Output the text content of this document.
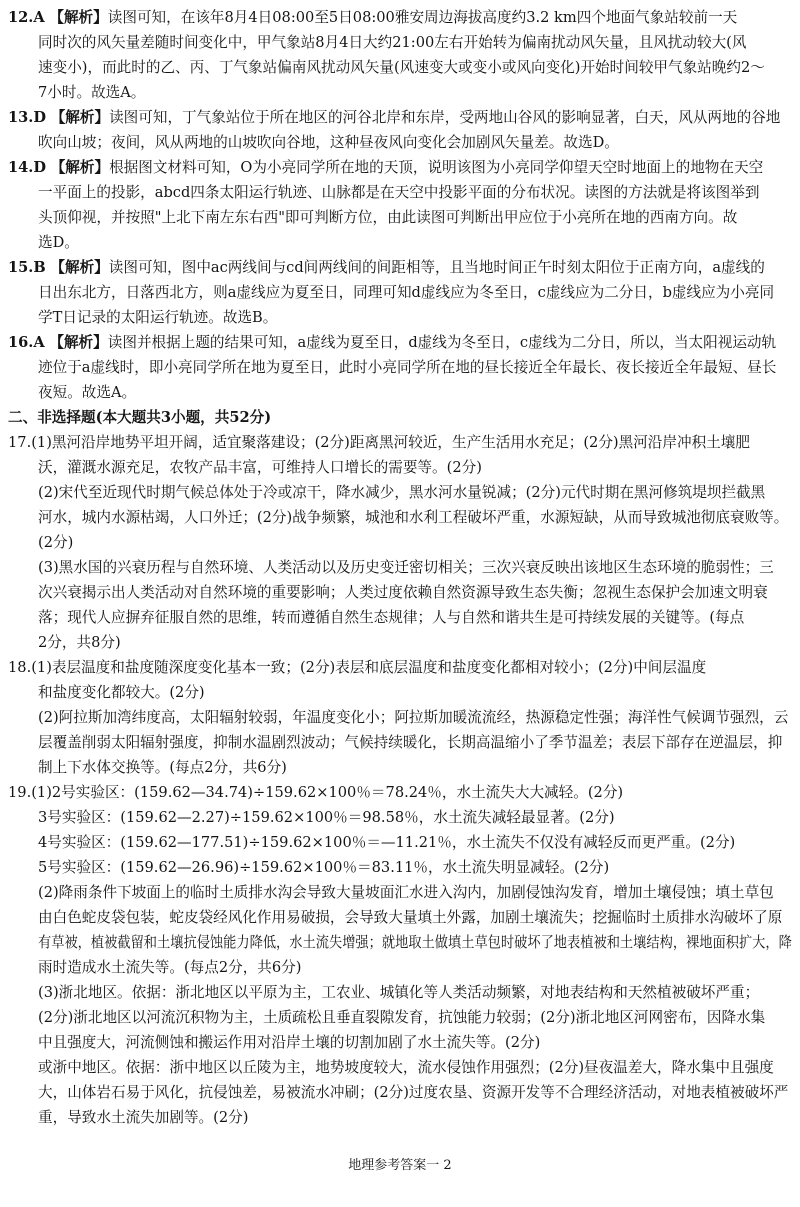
12.A 【解析】读图可知，在该年8月4日08:00至5日08:00雅安周边海拔高度约3.2 km四个地面气象站较前一天
同时次的风矢量差随时间变化中，甲气象站8月4日大约21:00左右开始转为偏南扰动风矢量，且风扰动较大(风
速变小)，而此时的乙、丙、丁气象站偏南风扰动风矢量(风速变大或变小或风向变化)开始时间较甲气象站晚约2～
7小时。故选A。
13.D 【解析】读图可知，丁气象站位于所在地区的河谷北岸和东岸，受两地山谷风的影响显著，白天，风从两地的谷地
吹向山坡；夜间，风从两地的山坡吹向谷地，这种昼夜风向变化会加剧风矢量差。故选D。
14.D 【解析】根据图文材料可知，O为小亮同学所在地的天顶，说明该图为小亮同学仰望天空时地面上的地物在天空
一平面上的投影，abcd四条太阳运行轨迹、山脉都是在天空中投影平面的分布状况。读图的方法就是将该图举到
头顶仰视，并按照"上北下南左东右西"即可判断方位，由此读图可判断出甲应位于小亮所在地的西南方向。故
选D。
15.B 【解析】读图可知，图中ac两线间与cd间两线间的间距相等，且当地时间正午时刻太阳位于正南方向，a虚线的
日出东北方，日落西北方，则a虚线应为夏至日，同理可知d虚线应为冬至日，c虚线应为二分日，b虚线应为小亮同
学T日记录的太阳运行轨迹。故选B。
16.A 【解析】读图并根据上题的结果可知，a虚线为夏至日，d虚线为冬至日，c虚线为二分日，所以，当太阳视运动轨
迹位于a虚线时，即小亮同学所在地为夏至日，此时小亮同学所在地的昼长接近全年最长、夜长接近全年最短、昼长
夜短。故选A。
二、非选择题(本大题共3小题，共52分)
17.(1)黑河沿岸地势平坦开阔，适宜聚落建设；(2分)距离黑河较近，生产生活用水充足；(2分)黑河沿岸冲积土壤肥
沃，灌溉水源充足，农牧产品丰富，可维持人口增长的需要等。(2分)
(2)宋代至近现代时期气候总体处于冷或凉干，降水减少，黑水河水量锐减；(2分)元代时期在黑河修筑堤坝拦截黑
河水，城内水源枯竭，人口外迁；(2分)战争频繁，城池和水利工程破坏严重，水源短缺，从而导致城池彻底衰败等。
(2分)
(3)黑水国的兴衰历程与自然环境、人类活动以及历史变迁密切相关；三次兴衰反映出该地区生态环境的脆弱性；三
次兴衰揭示出人类活动对自然环境的重要影响；人类过度依赖自然资源导致生态失衡；忽视生态保护会加速文明衰
落；现代人应摒弃征服自然的思维，转而遵循自然生态规律；人与自然和谐共生是可持续发展的关键等。(每点
2分，共8分)
18.(1)表层温度和盐度随深度变化基本一致；(2分)表层和底层温度和盐度变化都相对较小；(2分)中间层温度
和盐度变化都较大。(2分)
(2)阿拉斯加湾纬度高，太阳辐射较弱，年温度变化小；阿拉斯加暖流流经，热源稳定性强；海洋性气候调节强烈，云
层覆盖削弱太阳辐射强度，抑制水温剧烈波动；气候持续暖化，长期高温缩小了季节温差；表层下部存在逆温层，抑
制上下水体交换等。(每点2分，共6分)
19.(1)2号实验区：(159.62—34.74)÷159.62×100％＝78.24％，水土流失大大减轻。(2分)
3号实验区：(159.62—2.27)÷159.62×100％＝98.58％，水土流失减轻最显著。(2分)
4号实验区：(159.62—177.51)÷159.62×100％＝—11.21％，水土流失不仅没有减轻反而更严重。(2分)
5号实验区：(159.62—26.96)÷159.62×100％＝83.11％，水土流失明显减轻。(2分)
(2)降雨条件下坡面上的临时土质排水沟会导致大量坡面汇水进入沟内，加剧侵蚀沟发育，增加土壤侵蚀；填土草包
由白色蛇皮袋包装，蛇皮袋经风化作用易破损，会导致大量填土外露，加剧土壤流失；挖掘临时土质排水沟破坏了原
有草被，植被截留和土壤抗侵蚀能力降低，水土流失增强；就地取土做填土草包时破坏了地表植被和土壤结构，裸地面积扩大，降
雨时造成水土流失等。(每点2分，共6分)
(3)浙北地区。依据：浙北地区以平原为主，工农业、城镇化等人类活动频繁，对地表结构和天然植被破坏严重；
(2分)浙北地区以河流沉积物为主，土质疏松且垂直裂隙发育，抗蚀能力较弱；(2分)浙北地区河网密布，因降水集
中且强度大，河流侧蚀和搬运作用对沿岸土壤的切割加剧了水土流失等。(2分)
或浙中地区。依据：浙中地区以丘陵为主，地势坡度较大，流水侵蚀作用强烈；(2分)昼夜温差大，降水集中且强度
大，山体岩石易于风化，抗侵蚀差，易被流水冲刷；(2分)过度农垦、资源开发等不合理经济活动，对地表植被破坏严
重，导致水土流失加剧等。(2分)
地理参考答案一 2
